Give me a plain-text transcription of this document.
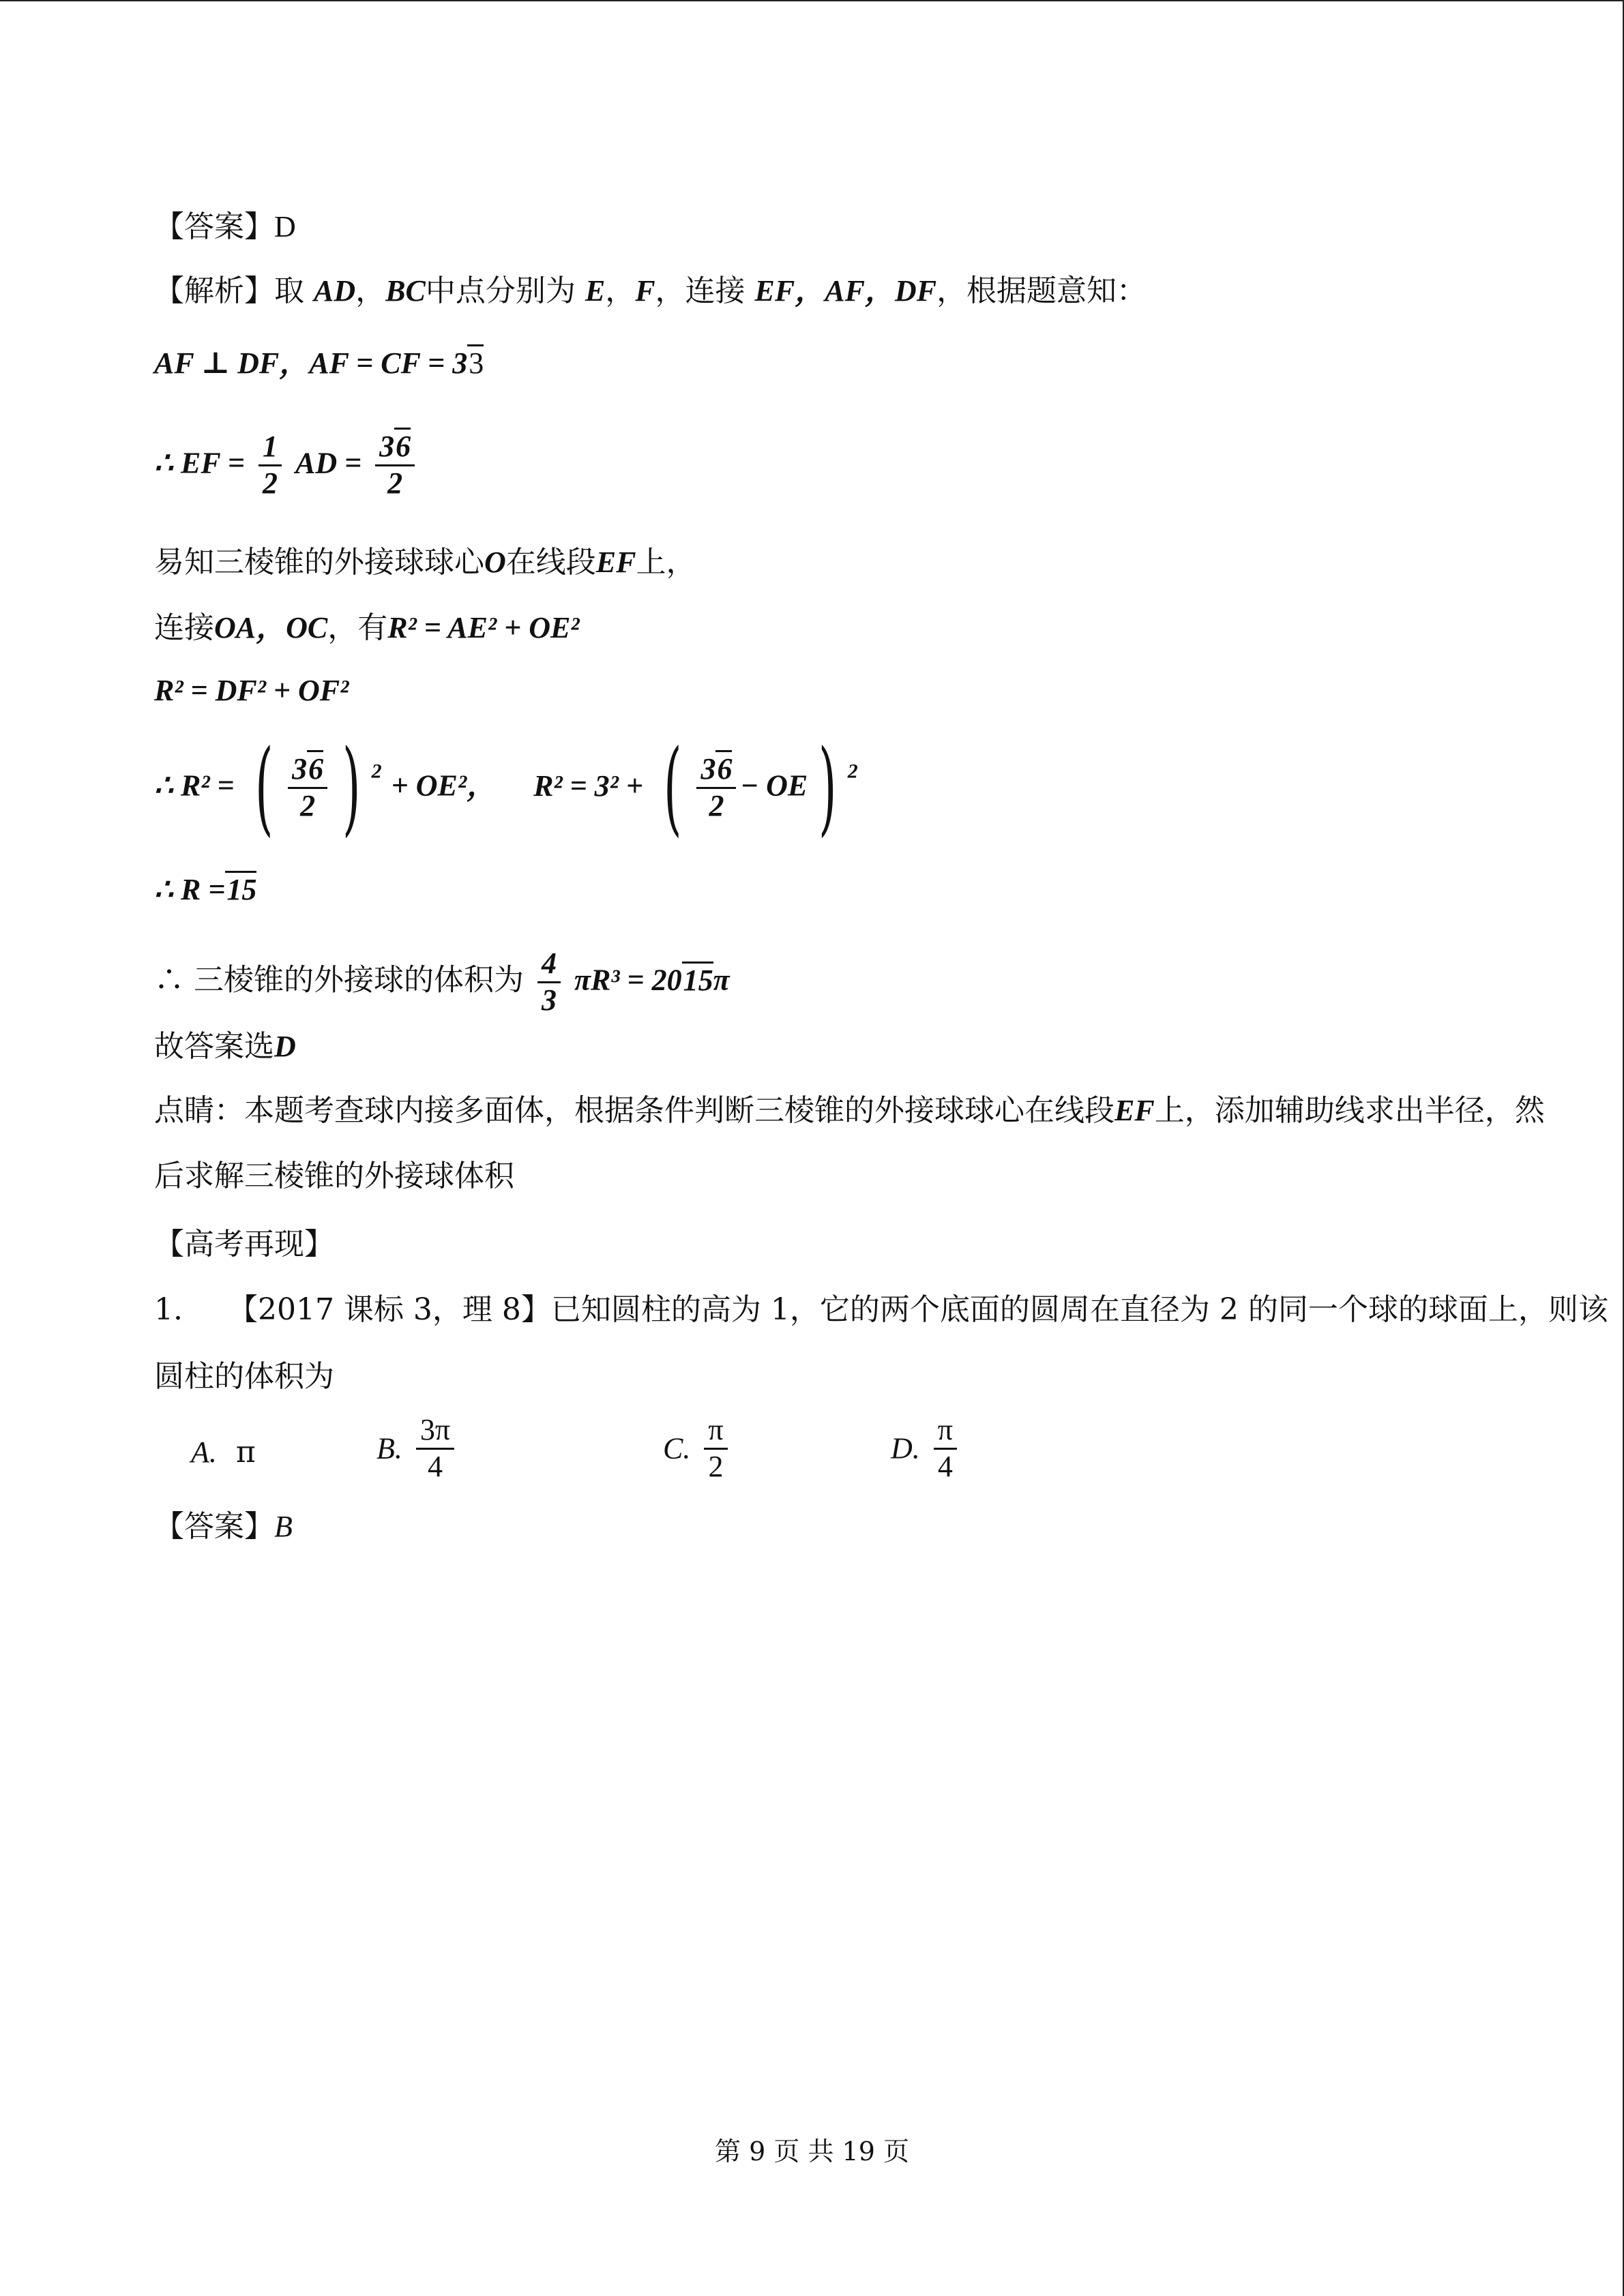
【答案】D
【解析】取 AD，BC中点分别为 E，F，连接 EF，AF，DF，根据题意知：
AF ⊥ DF，AF = CF = 33
∴ EF = $\frac{1}{2}$ AD = $\frac{36}{2}$
易知三棱锥的外接球球心O在线段EF上，
连接OA，OC，有R² = AE² + OE²
R² = DF² + OF²
∴ R² = ( $\frac{36}{2}$ ) $^2$ + OE²， R² = 3² + ( $\frac{36}{2}$ − OE ) $^2$
∴ R =15
∴ 三棱锥的外接球的体积为 $\frac{4}{3} \pi R^3 = 2015\pi$
故答案选D
点睛：本题考查球内接多面体，根据条件判断三棱锥的外接球球心在线段EF上，添加辅助线求出半径，然
后求解三棱锥的外接球体积
【高考再现】
1.　　【2017 课标 3，理 8】已知圆柱的高为 1，它的两个底面的圆周在直径为 2 的同一个球的球面上，则该
圆柱的体积为
A. π	B. $\frac{3\pi}{4}$	C. $\frac{\pi}{2}$	D. $\frac{\pi}{4}$
【答案】B
第 9 页 共 19 页
